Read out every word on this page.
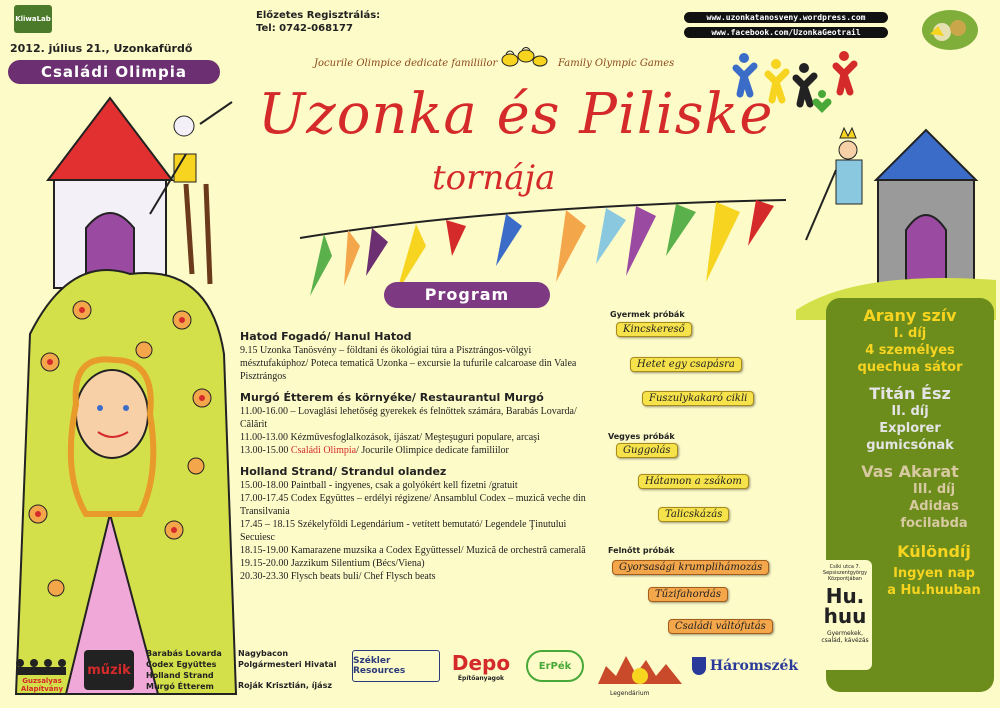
KliwaLab
2012. július 21., Uzonkafürdő
Családi Olimpia
Előzetes Regisztrálás:
Tel: 0742-068177
www.uzonkatanosveny.wordpress.com
www.facebook.com/UzonkaGeotrail
Jocurile Olimpice dedicate familiilor	Family Olympic Games
Uzonka és Piliske
tornája
Program
Hatod Fogadó/ Hanul Hatod
9.15 Uzonka Tanösvény – földtani és ökológiai túra a Pisztrángos-völgyi mésztufakúphoz/ Poteca tematică Uzonka – excursie la tufurile calcaroase din Valea Pisztrángos
Murgó Étterem és környéke/ Restaurantul Murgó
11.00-16.00 – Lovaglási lehetőség gyerekek és felnőttek számára, Barabás Lovarda/ Călărit
11.00-13.00 Kézművesfoglalkozások, íjászat/ Meşteşuguri populare, arcaşi
13.00-15.00 Családi Olimpia/ Jocurile Olimpice dedicate familiilor
Holland Strand/ Strandul olandez
15.00-18.00 Paintball - ingyenes, csak a golyókért kell fizetni /gratuit
17.00-17.45 Codex Együttes – erdélyi régizene/ Ansamblul Codex – muzică veche din Transilvania
17.45 – 18.15 Székelyföldi Legendárium - vetített bemutató/ Legendele Ţinutului Secuiesc
18.15-19.00 Kamarazene muzsika a Codex Együttessel/ Muzică de orchestră camerală
19.15-20.00 Jazzikum Silentium (Bécs/Viena)
20.30-23.30 Flysch beats buli/ Chef Flysch beats
Gyermek próbák
Kincskereső
Hetet egy csapásra
Fuszulykakaró cikli
Vegyes próbák
Guggolás
Hátamon a zsákom
Talicskázás
Felnőtt próbák
Gyorsasági krumplihámozás
Tűzifahordás
Családi váltófutás
Arany szív
I. díj
4 személyes
quechua sátor
Titán Ész
II. díj
Explorer
gumicsónak
Vas Akarat
III. díj
Adidas
focilabda
Különdíj
Ingyen nap
a Hu.huuban
Csíki utca 7. Sepsiszentgyörgy Központjában
Hu. huu
Gyermekek, család, kávézás
Guzsalyas Alapítvány
műzik
Barabás Lovarda
Codex Együttes
Holland Strand
Murgó Étterem
Nagybacon
Polgármesteri Hivatal
Roják Krisztián, íjász
Székler Resources	Depo
Építőanyagok
ErPék
Legendárium
Háromszék
